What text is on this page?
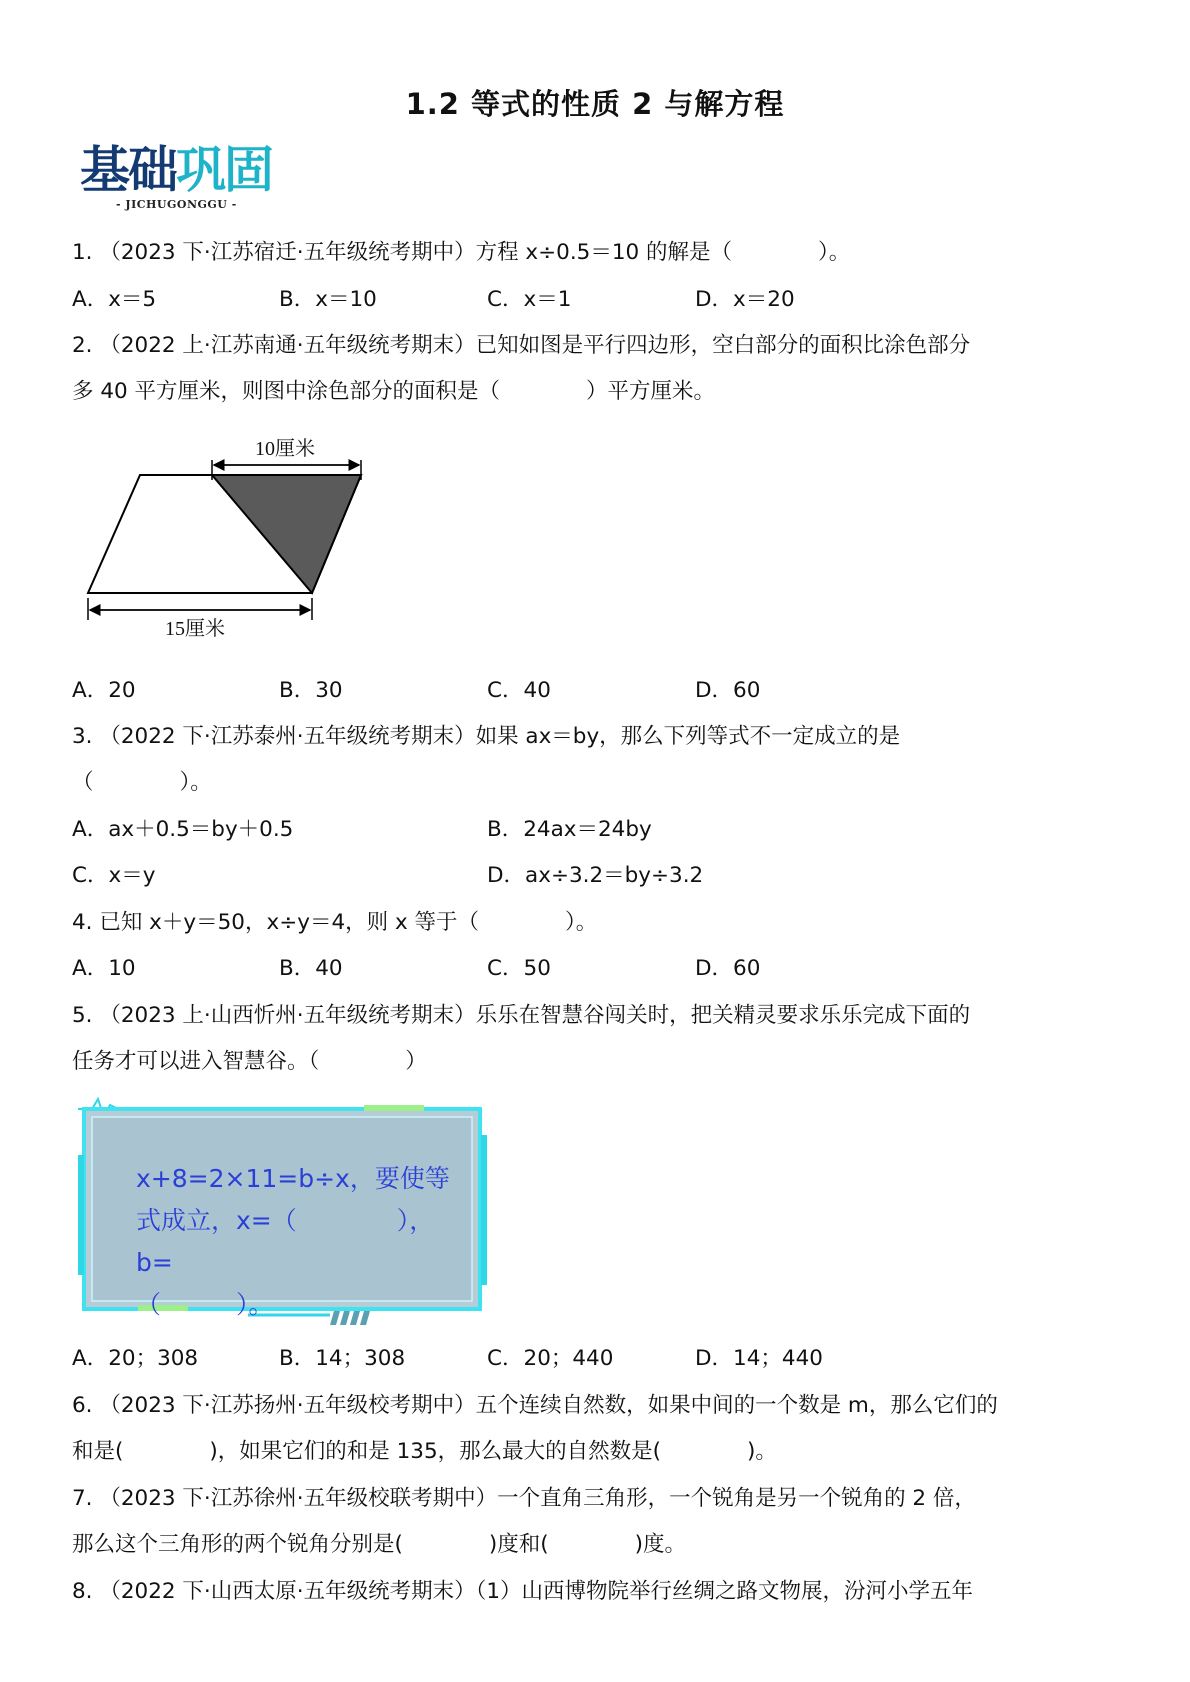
1.2 等式的性质 2 与解方程
基础巩固
- JICHUGONGGU -
1. （2023 下·江苏宿迁·五年级统考期中）方程 x÷0.5＝10 的解是（　　　　）。
A．x＝5	B．x＝10	C．x＝1	D．x＝20
2. （2022 上·江苏南通·五年级统考期末）已知如图是平行四边形，空白部分的面积比涂色部分
多 40 平方厘米，则图中涂色部分的面积是（　　　　）平方厘米。
10厘米
15厘米
A．20	B．30	C．40	D．60
3. （2022 下·江苏泰州·五年级统考期末）如果 ax＝by，那么下列等式不一定成立的是
（　　　　）。
A．ax＋0.5＝by＋0.5	B．24ax＝24by
C．x＝y	D．ax÷3.2＝by÷3.2
4. 已知 x＋y＝50，x÷y＝4，则 x 等于（　　　　）。
A．10	B．40	C．50	D．60
5. （2023 上·山西忻州·五年级统考期末）乐乐在智慧谷闯关时，把关精灵要求乐乐完成下面的
任务才可以进入智慧谷。（　　　　）
x+8=2×11=b÷x，要使等
式成立，x=（　　　　），b=
（　　　）。
A．20；308	B．14；308	C．20；440	D．14；440
6. （2023 下·江苏扬州·五年级校考期中）五个连续自然数，如果中间的一个数是 m，那么它们的
和是(　　　　)，如果它们的和是 135，那么最大的自然数是(　　　　)。
7. （2023 下·江苏徐州·五年级校联考期中）一个直角三角形，一个锐角是另一个锐角的 2 倍，
那么这个三角形的两个锐角分别是(　　　　)度和(　　　　)度。
8. （2022 下·山西太原·五年级统考期末）（1）山西博物院举行丝绸之路文物展，汾河小学五年
